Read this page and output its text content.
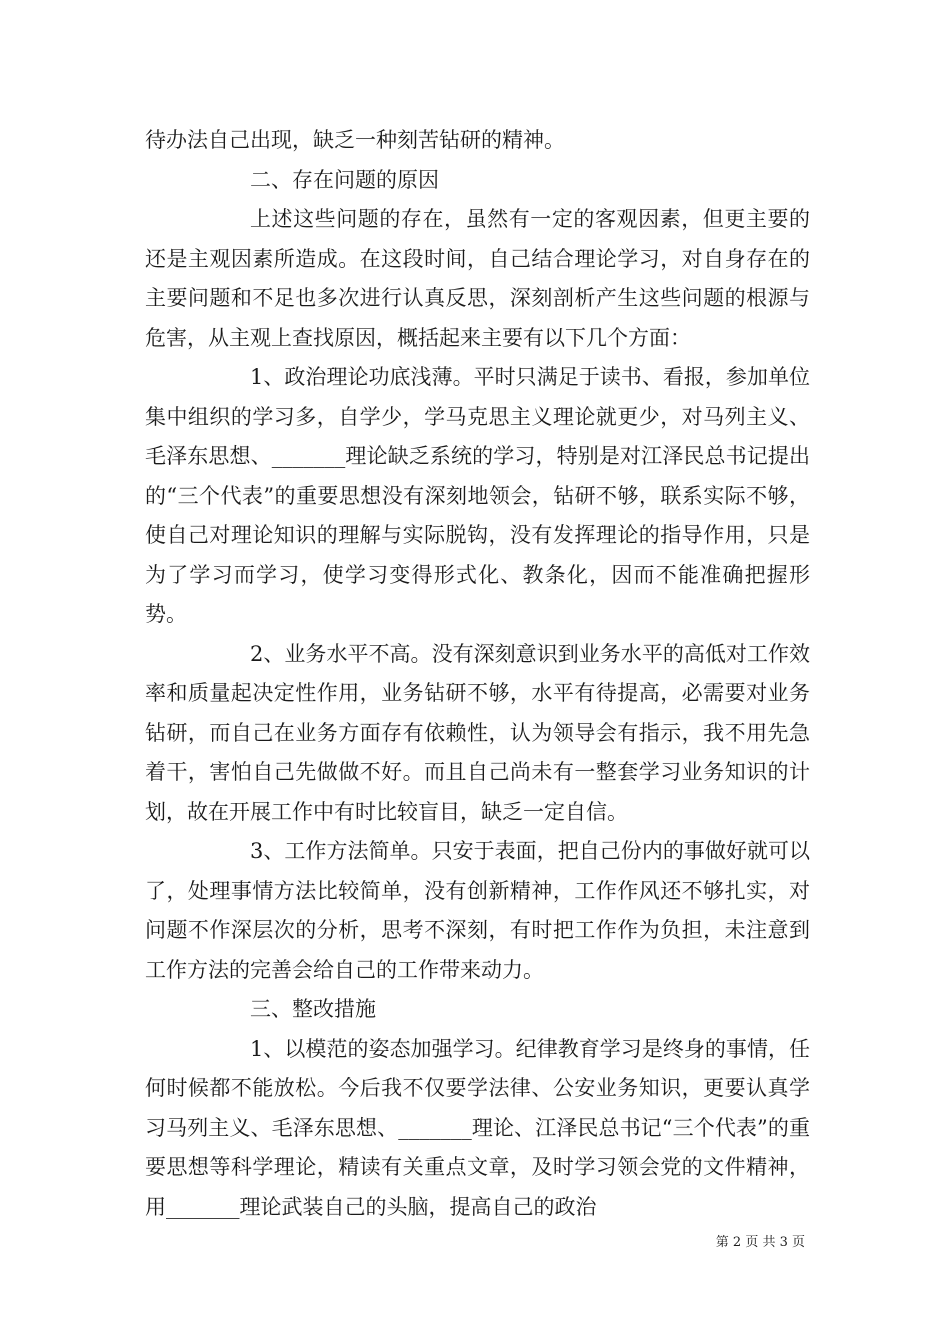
待办法自己出现，缺乏一种刻苦钻研的精神。

二、存在问题的原因

上述这些问题的存在，虽然有一定的客观因素，但更主要的还是主观因素所造成。在这段时间，自己结合理论学习，对自身存在的主要问题和不足也多次进行认真反思，深刻剖析产生这些问题的根源与危害，从主观上查找原因，概括起来主要有以下几个方面：

1、政治理论功底浅薄。平时只满足于读书、看报，参加单位集中组织的学习多，自学少，学马克思主义理论就更少，对马列主义、毛泽东思想、_______理论缺乏系统的学习，特别是对江泽民总书记提出的“三个代表”的重要思想没有深刻地领会，钻研不够，联系实际不够，使自己对理论知识的理解与实际脱钩，没有发挥理论的指导作用，只是为了学习而学习，使学习变得形式化、教条化，因而不能准确把握形势。

2、业务水平不高。没有深刻意识到业务水平的高低对工作效率和质量起决定性作用，业务钻研不够，水平有待提高，必需要对业务钻研，而自己在业务方面存有依赖性，认为领导会有指示，我不用先急着干，害怕自己先做做不好。而且自己尚未有一整套学习业务知识的计划，故在开展工作中有时比较盲目，缺乏一定自信。

3、工作方法简单。只安于表面，把自己份内的事做好就可以了，处理事情方法比较简单，没有创新精神，工作作风还不够扎实，对问题不作深层次的分析，思考不深刻，有时把工作作为负担，未注意到工作方法的完善会给自己的工作带来动力。

三、整改措施

1、以模范的姿态加强学习。纪律教育学习是终身的事情，任何时候都不能放松。今后我不仅要学法律、公安业务知识，更要认真学习马列主义、毛泽东思想、_______理论、江泽民总书记“三个代表”的重要思想等科学理论，精读有关重点文章，及时学习领会党的文件精神，用_______理论武装自己的头脑，提高自己的政治

第 2 页 共 3 页
